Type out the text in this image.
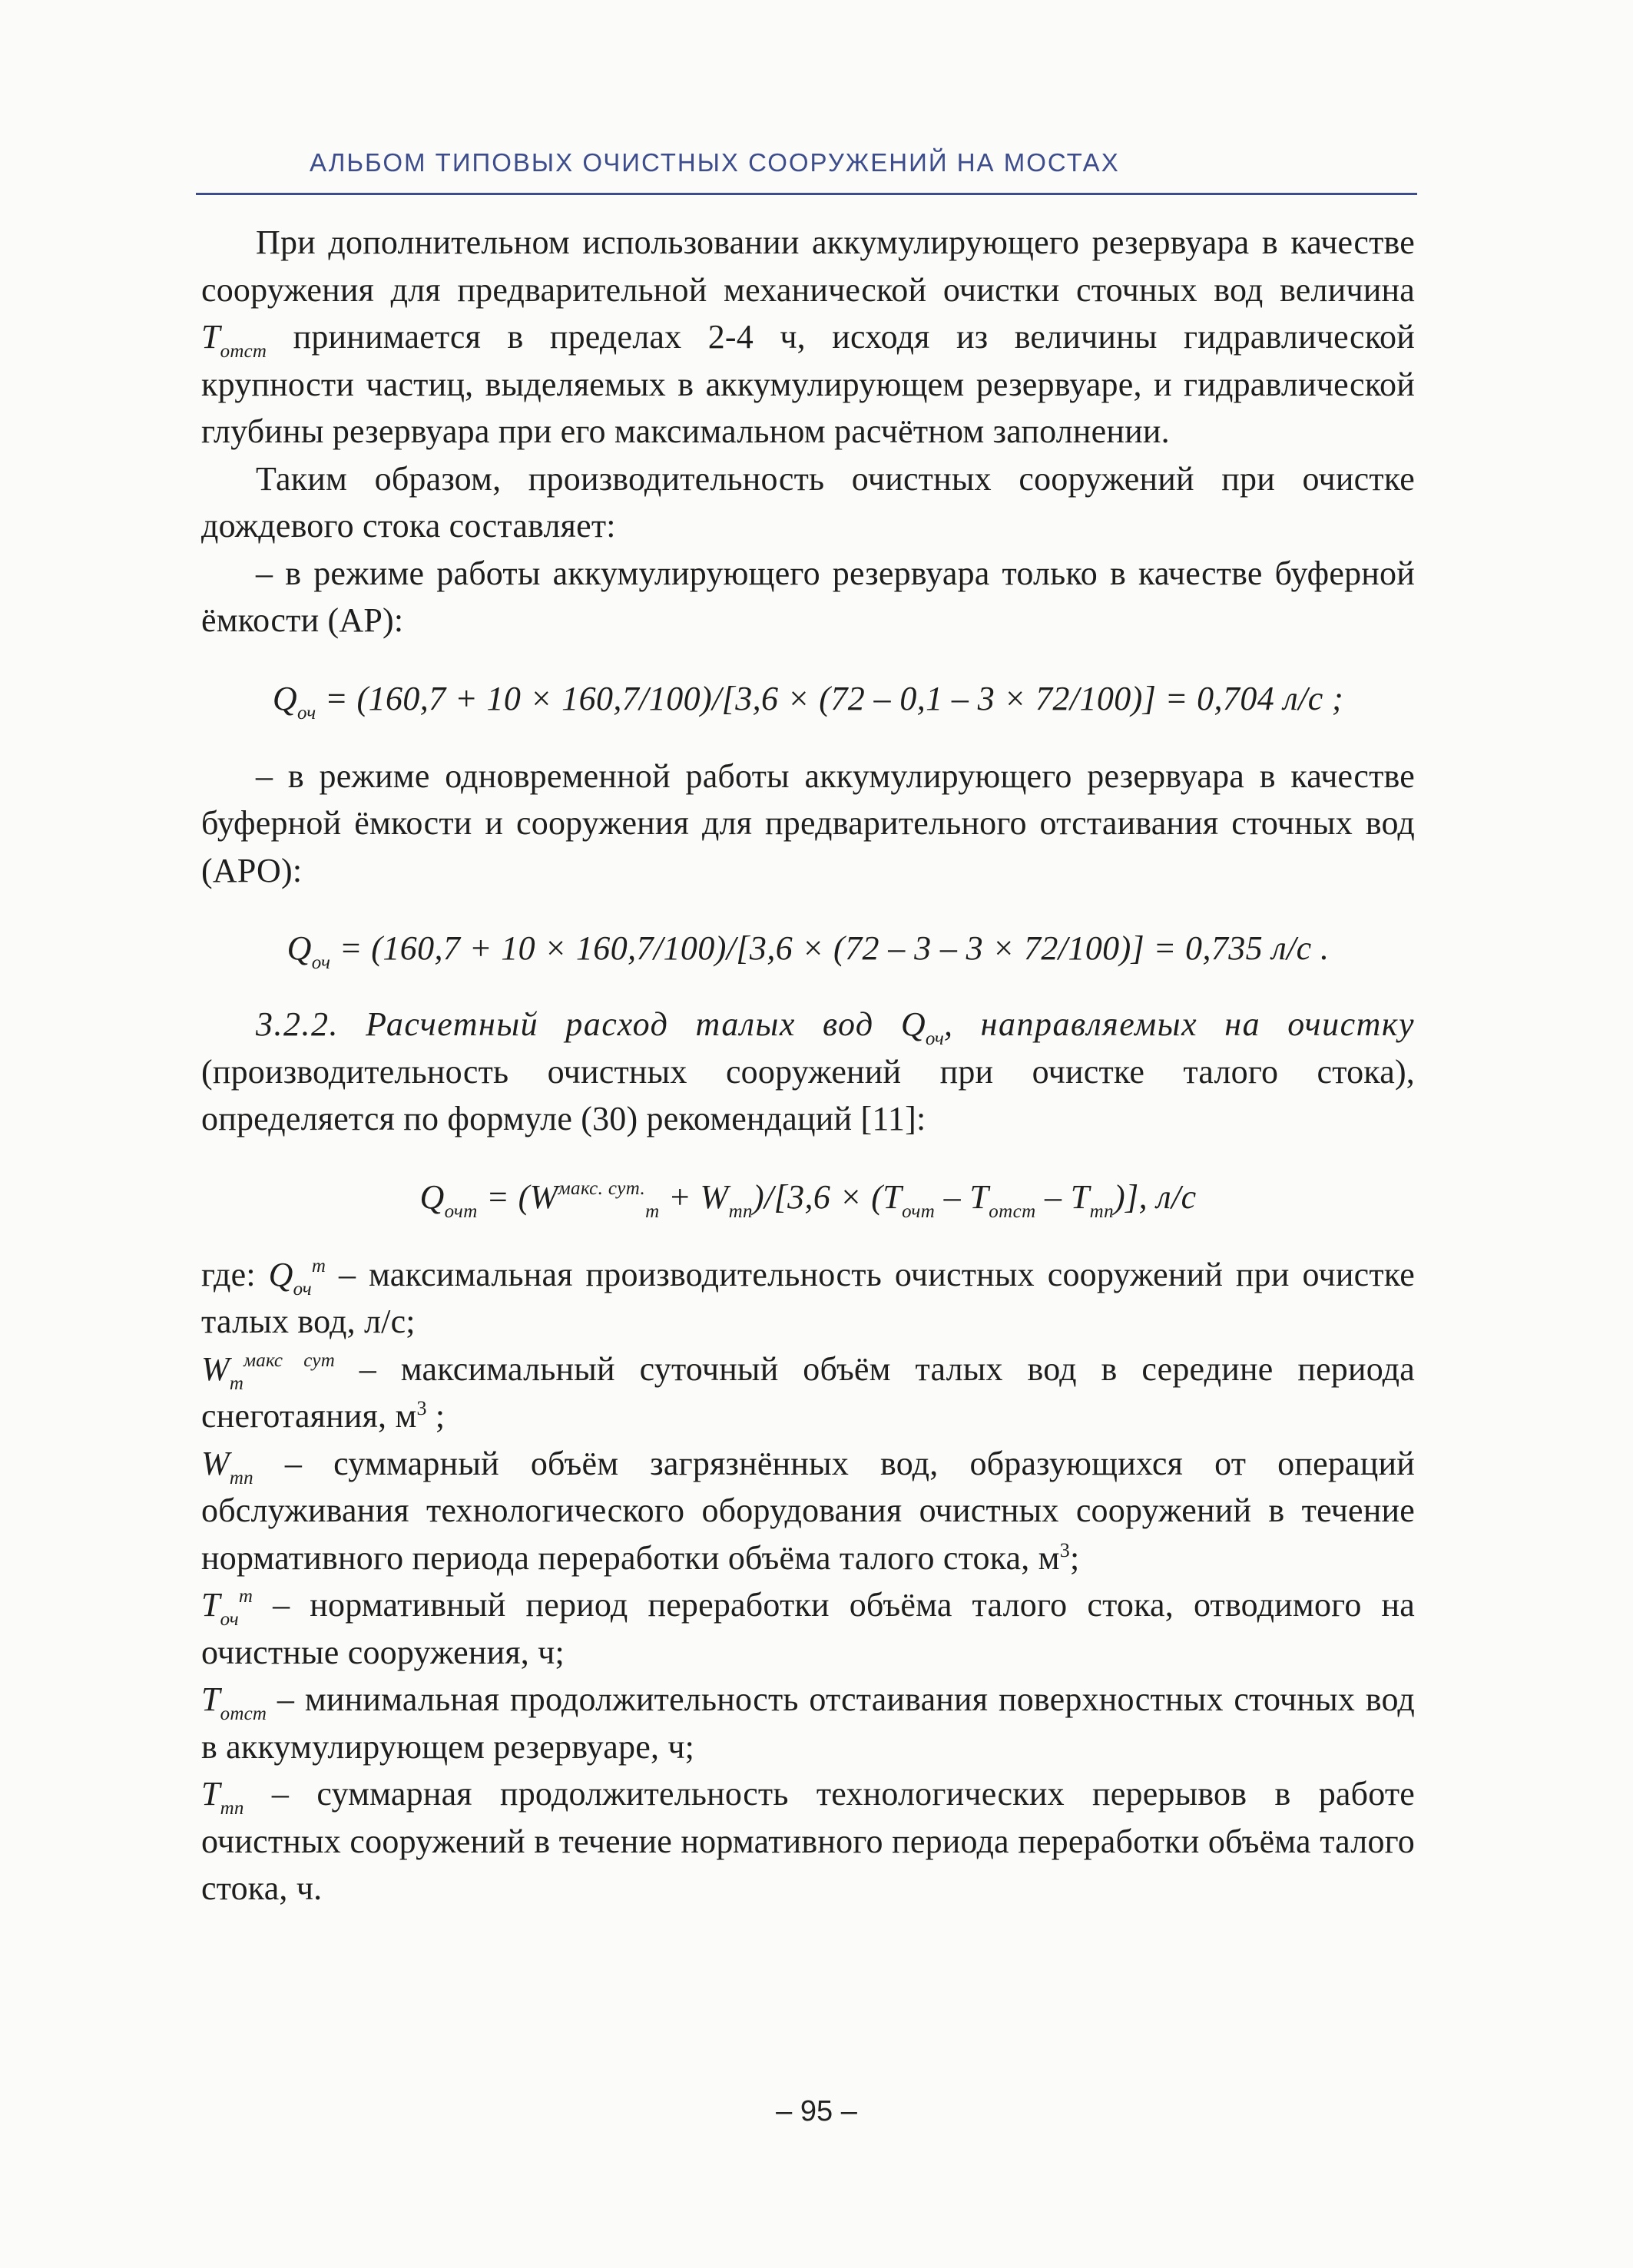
АЛЬБОМ ТИПОВЫХ ОЧИСТНЫХ СООРУЖЕНИЙ НА МОСТАХ

При дополнительном использовании аккумулирующего резервуара в качестве сооружения для предварительной механической очистки сточных вод величина $T_{отст}$ принимается в пределах 2-4 ч, исходя из величины гидравлической крупности частиц, выделяемых в аккумулирующем резервуаре, и гидравлической глубины резервуара при его максимальном расчётном заполнении.

Таким образом, производительность очистных сооружений при очистке дождевого стока составляет:

– в режиме работы аккумулирующего резервуара только в качестве буферной ёмкости (АР):

$Q_{оч} = (160,7 + 10 \times 160,7/100)/[3,6 \times (72 - 0,1 - 3 \times 72/100)] = 0,704$ л/с ;

– в режиме одновременной работы аккумулирующего резервуара в качестве буферной ёмкости и сооружения для предварительного отстаивания сточных вод (АРО):

$Q_{оч} = (160,7 + 10 \times 160,7/100)/[3,6 \times (72 - 3 - 3 \times 72/100)] = 0,735$ л/с .

3.2.2. Расчетный расход талых вод $Q_{оч}$, направляемых на очистку (производительность очистных сооружений при очистке талого стока), определяется по формуле (30) рекомендаций [11]:

$Q_{очт} = (W^{макс. сут.}_т + W_{тп})/[3,6 \times (T_{очт} - T_{отст} - T_{тп})]$, л/с

где: $Q_{оч}^т$ – максимальная производительность очистных сооружений при очистке талых вод, л/с;

$W_т^{макс сут}$ – максимальный суточный объём талых вод в середине периода снеготаяния, $м^3$ ;

$W_{тп}$ – суммарный объём загрязнённых вод, образующихся от операций обслуживания технологического оборудования очистных сооружений в течение нормативного периода переработки объёма талого стока, $м^3$;

$T_{оч}^т$ – нормативный период переработки объёма талого стока, отводимого на очистные сооружения, ч;

$T_{отст}$ – минимальная продолжительность отстаивания поверхностных сточных вод в аккумулирующем резервуаре, ч;

$T_{тп}$ – суммарная продолжительность технологических перерывов в работе очистных сооружений в течение нормативного периода переработки объёма талого стока, ч.

– 95 –
